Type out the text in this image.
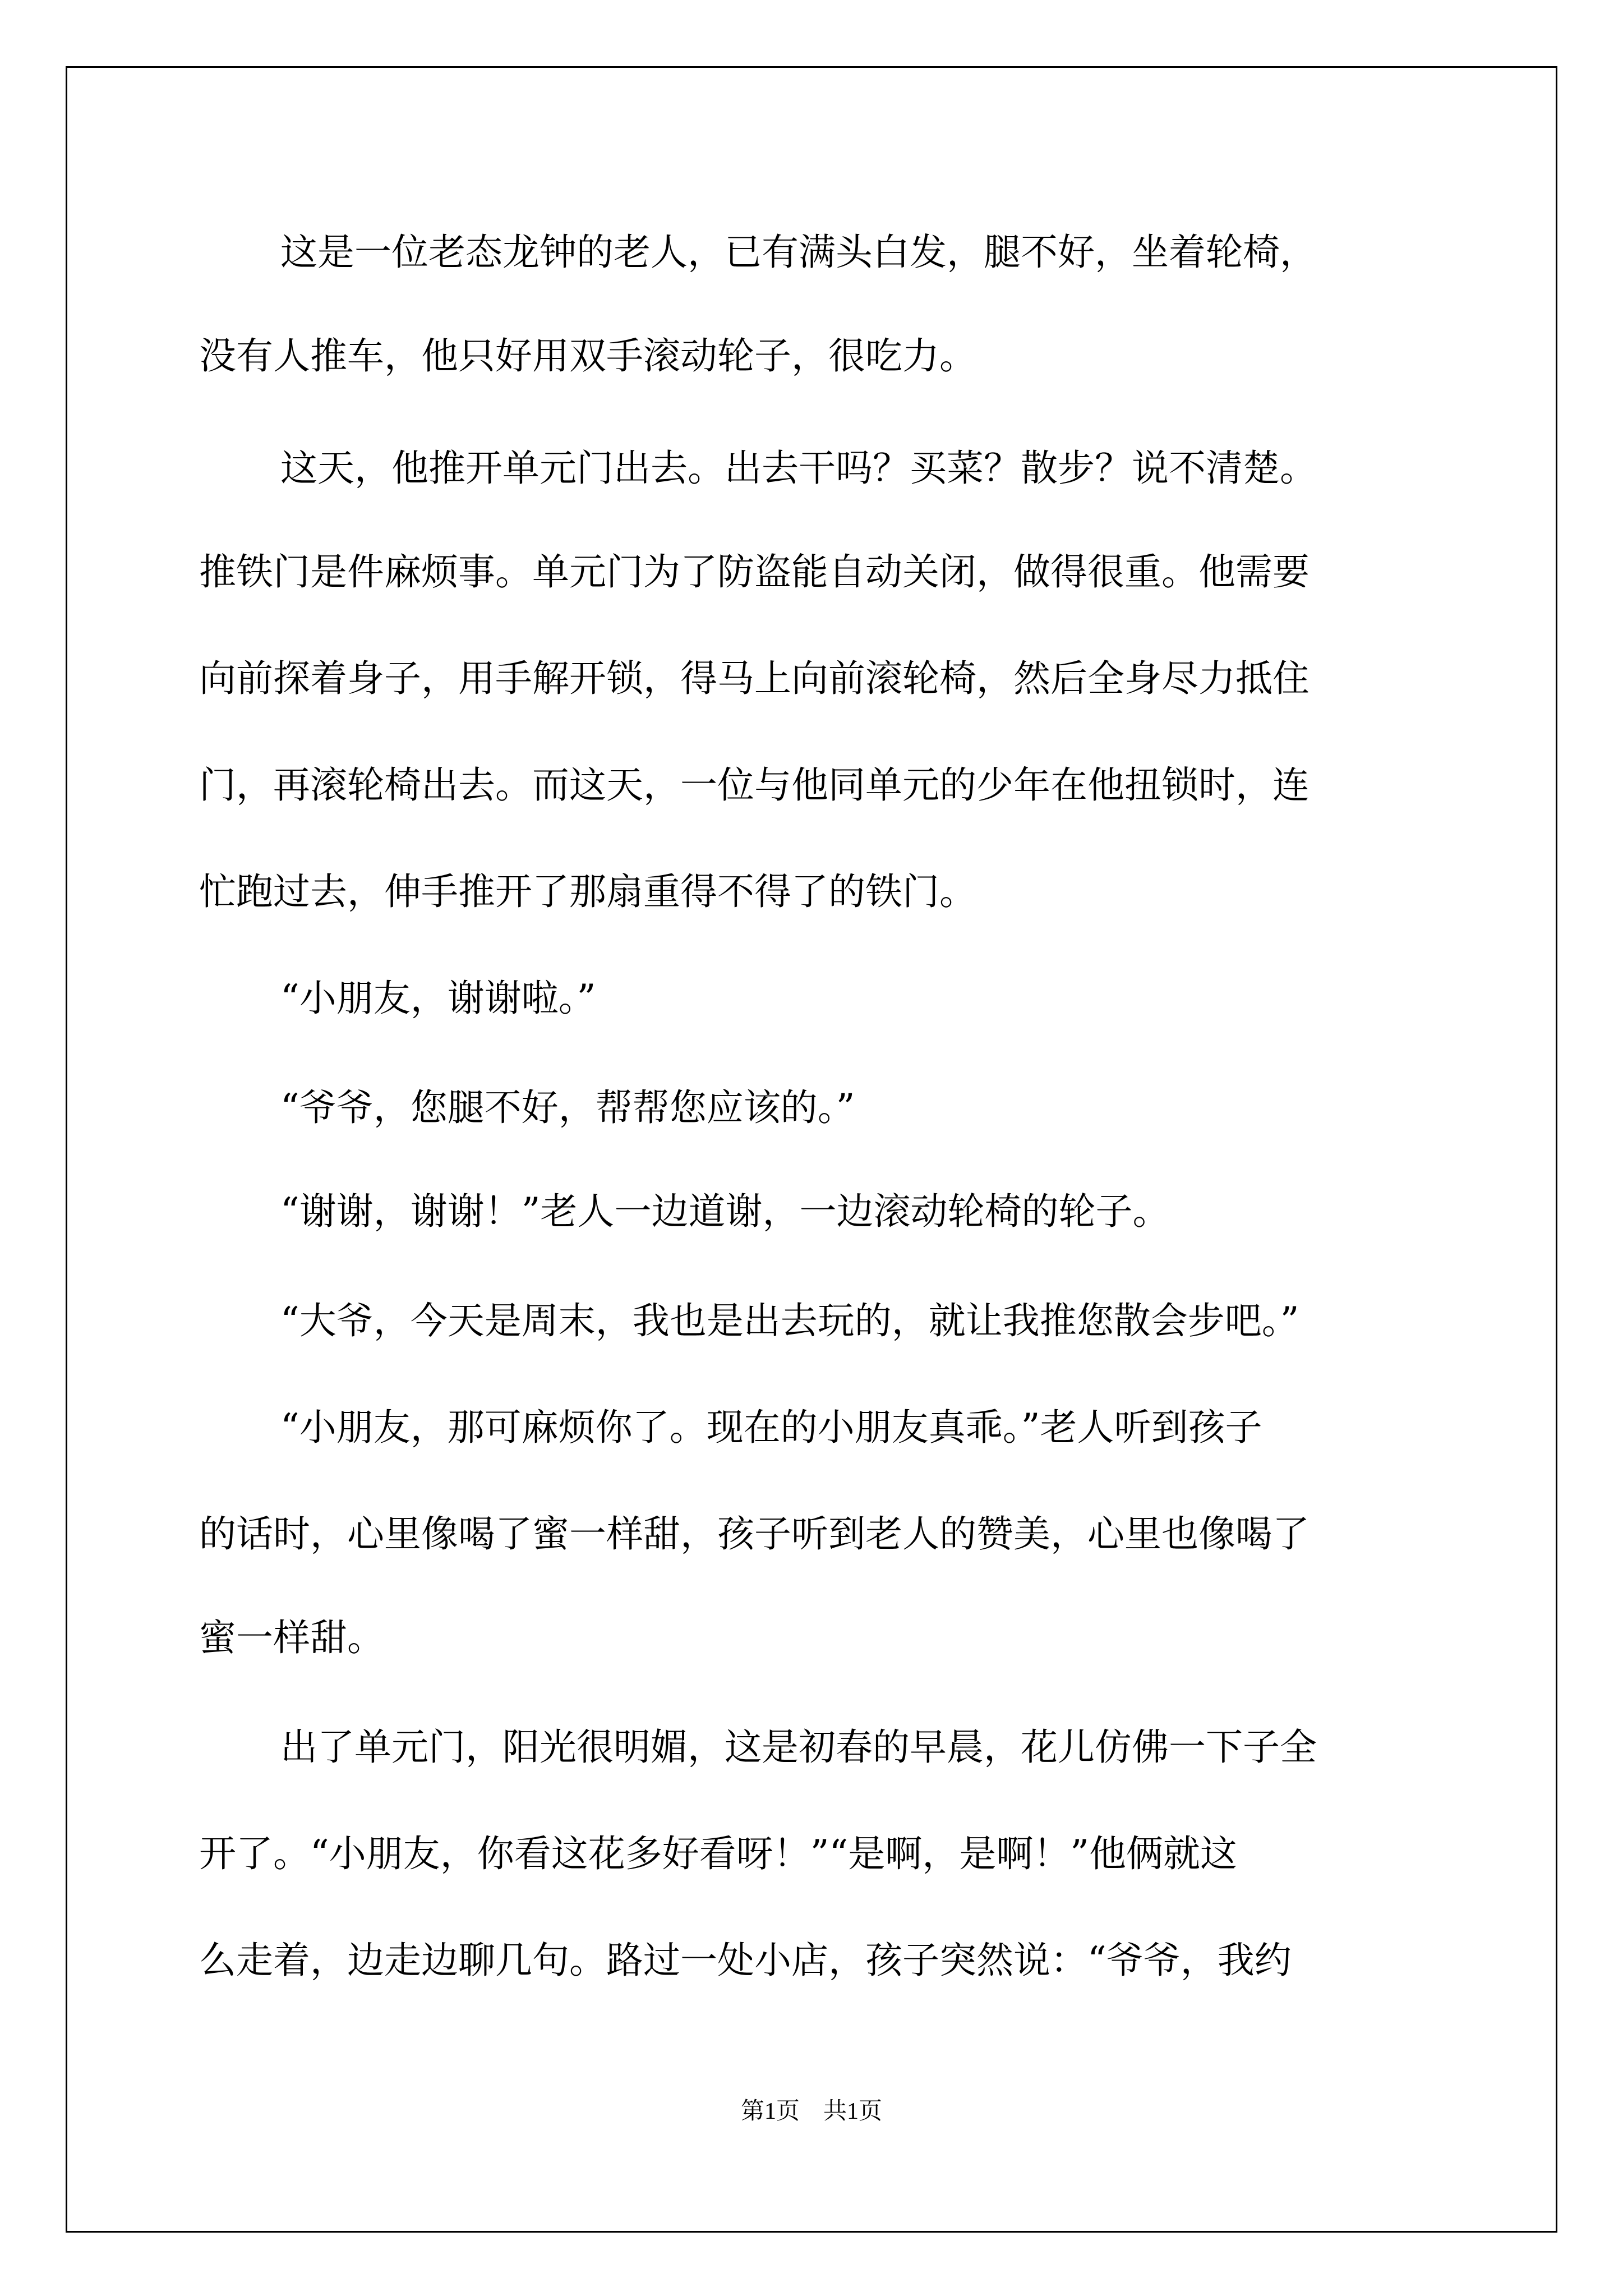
这是一位老态龙钟的老人，已有满头白发，腿不好，坐着轮椅，
没有人推车，他只好用双手滚动轮子，很吃力。
这天，他推开单元门出去。出去干吗？买菜？散步？说不清楚。
推铁门是件麻烦事。单元门为了防盗能自动关闭，做得很重。他需要
向前探着身子，用手解开锁，得马上向前滚轮椅，然后全身尽力抵住
门，再滚轮椅出去。而这天，一位与他同单元的少年在他扭锁时，连
忙跑过去，伸手推开了那扇重得不得了的铁门。
“小朋友，谢谢啦。”
“爷爷，您腿不好，帮帮您应该的。”
“谢谢，谢谢！”老人一边道谢，一边滚动轮椅的轮子。
“大爷，今天是周末，我也是出去玩的，就让我推您散会步吧。”
“小朋友，那可麻烦你了。现在的小朋友真乖。”老人听到孩子
的话时，心里像喝了蜜一样甜，孩子听到老人的赞美，心里也像喝了
蜜一样甜。
出了单元门，阳光很明媚，这是初春的早晨，花儿仿佛一下子全
开了。“小朋友，你看这花多好看呀！”“是啊，是啊！”他俩就这
么走着，边走边聊几句。路过一处小店，孩子突然说：“爷爷，我约
第1页　共1页
